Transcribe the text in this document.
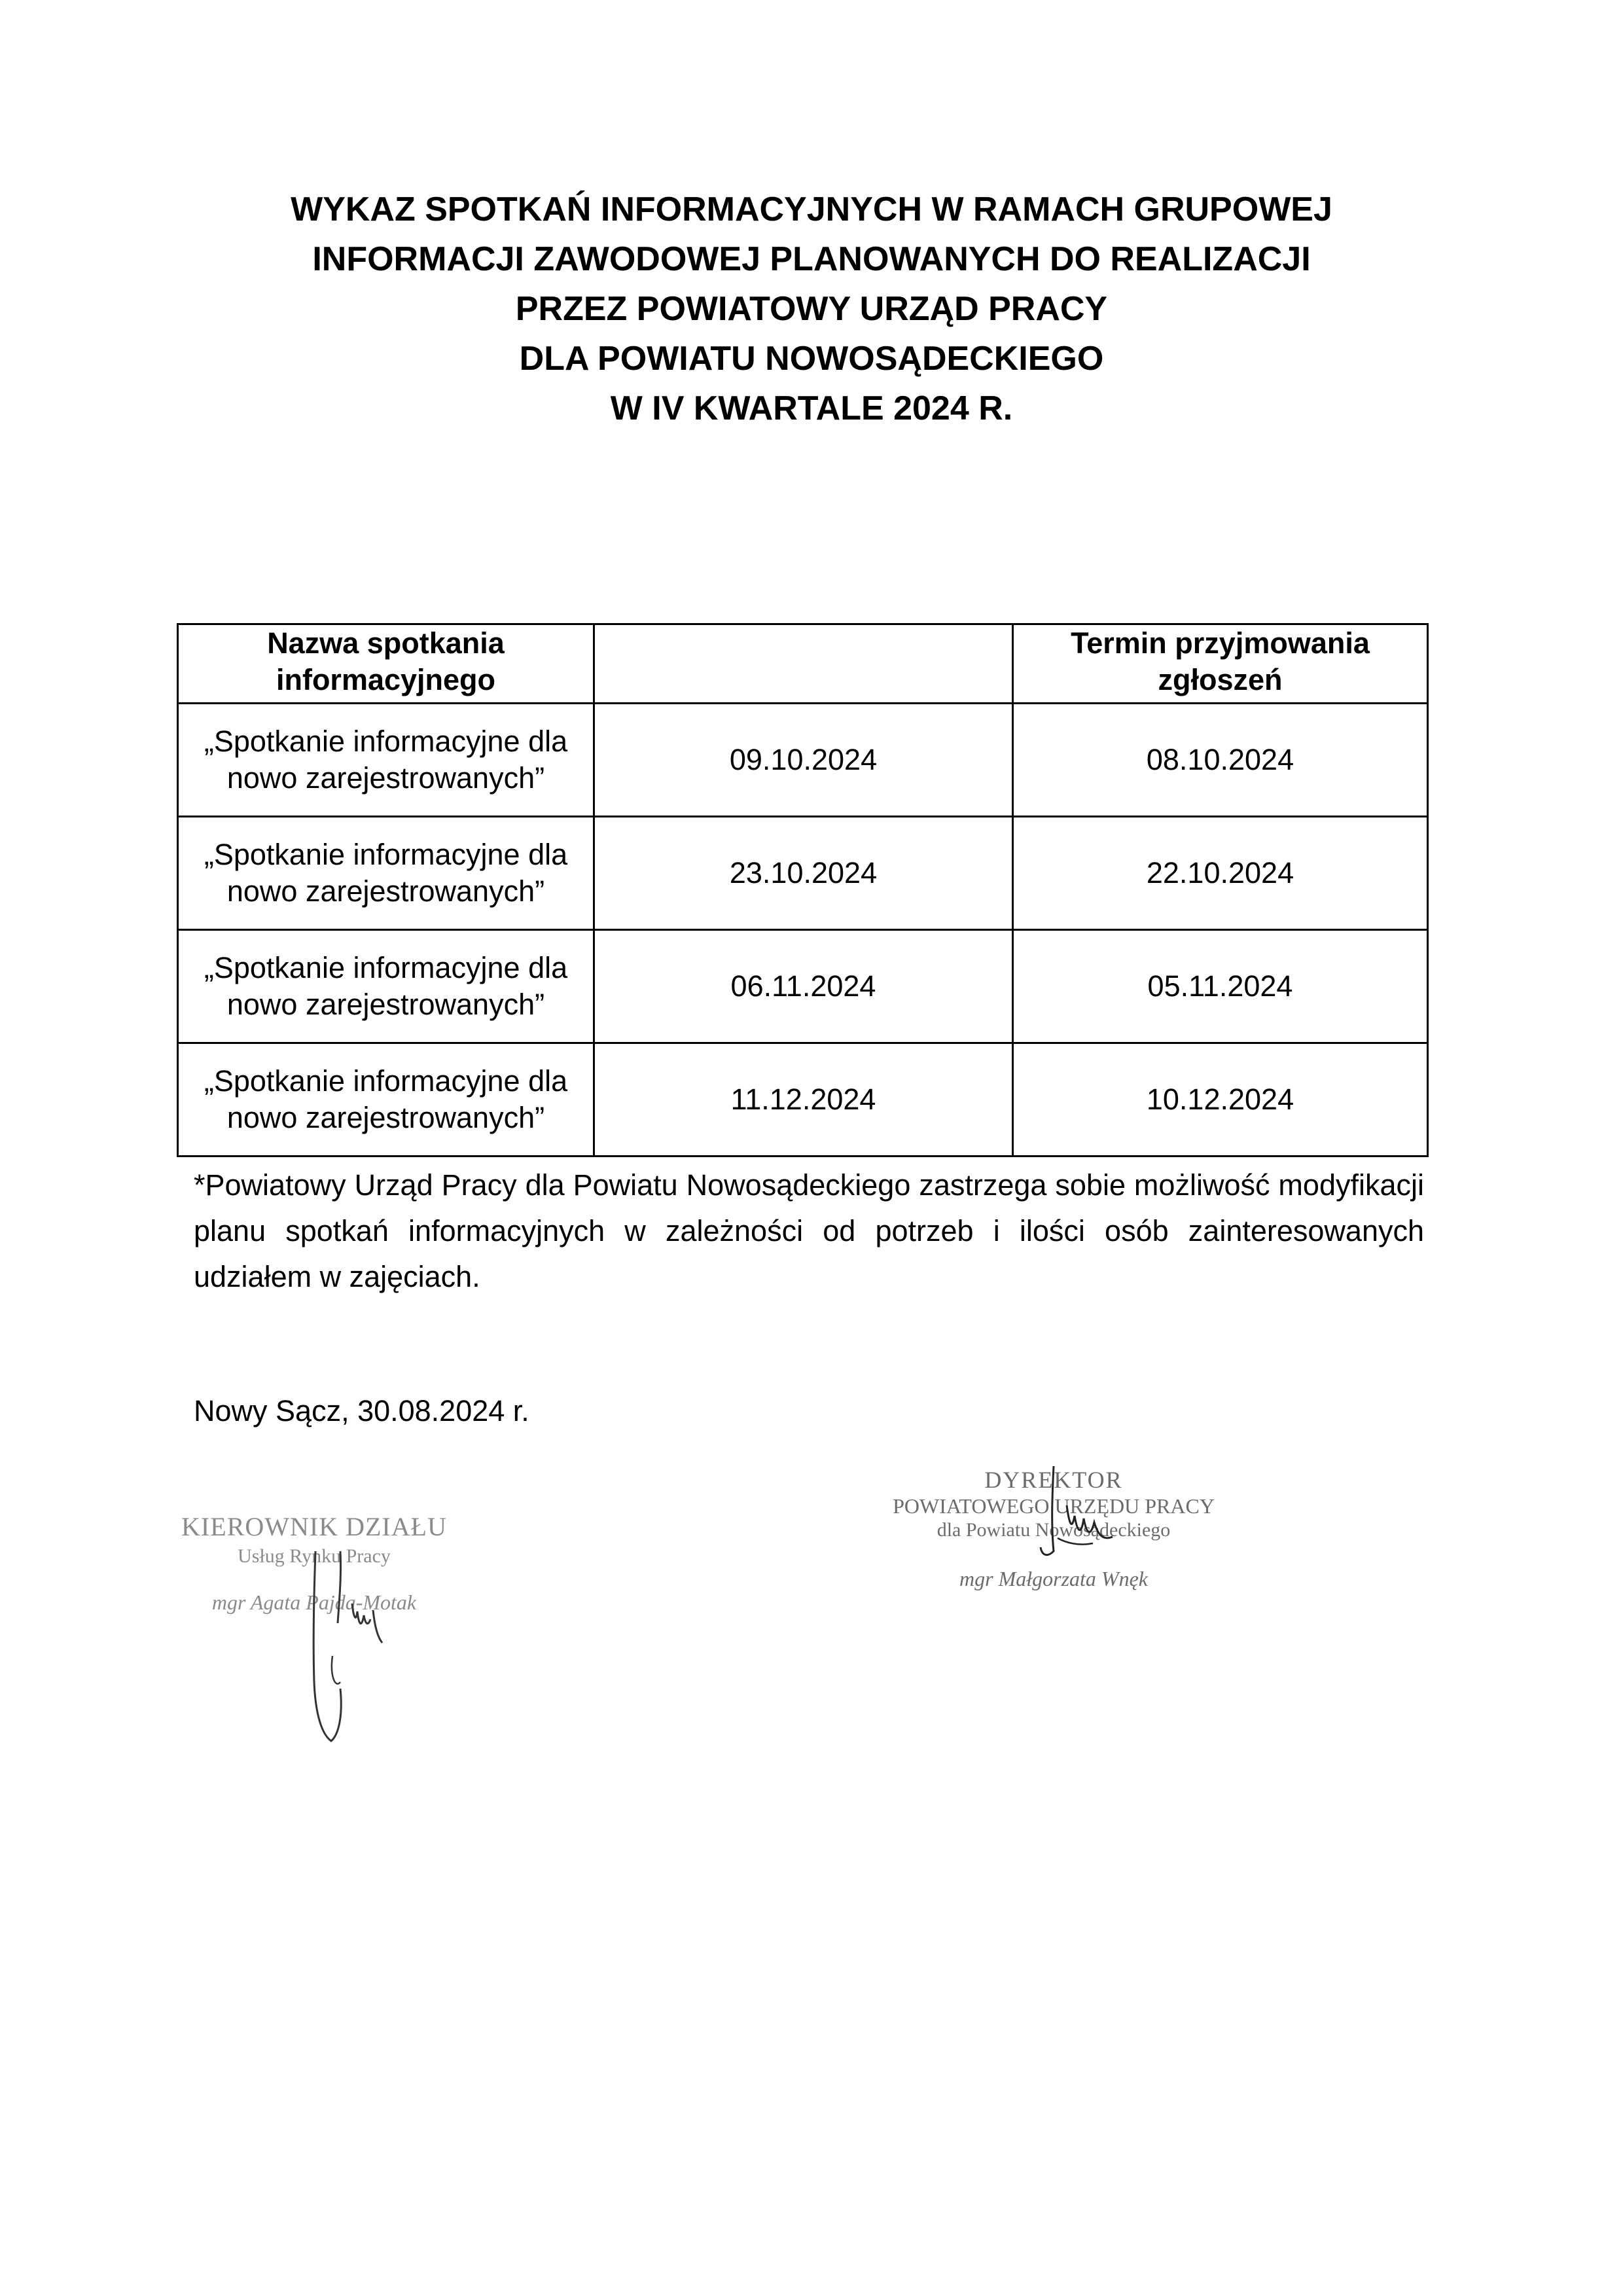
WYKAZ SPOTKAŃ INFORMACYJNYCH W RAMACH GRUPOWEJ
INFORMACJI ZAWODOWEJ PLANOWANYCH DO REALIZACJI
PRZEZ POWIATOWY URZĄD PRACY
DLA POWIATU NOWOSĄDECKIEGO
W IV KWARTALE 2024 R.
Nazwa spotkania informacyjnego		Termin przyjmowania zgłoszeń
„Spotkanie informacyjne dla nowo zarejestrowanych”	09.10.2024	08.10.2024
„Spotkanie informacyjne dla nowo zarejestrowanych”	23.10.2024	22.10.2024
„Spotkanie informacyjne dla nowo zarejestrowanych”	06.11.2024	05.11.2024
„Spotkanie informacyjne dla nowo zarejestrowanych”	11.12.2024	10.12.2024
*Powiatowy Urząd Pracy dla Powiatu Nowosądeckiego zastrzega sobie możliwość modyfikacji planu spotkań informacyjnych w zależności od potrzeb i ilości osób zainteresowanych udziałem w zajęciach.
Nowy Sącz, 30.08.2024 r.
KIEROWNIK DZIAŁU
Usług Rynku Pracy
mgr Agata Pajda-Motak
DYREKTOR
POWIATOWEGO URZĘDU PRACY
dla Powiatu Nowosądeckiego
mgr Małgorzata Wnęk
